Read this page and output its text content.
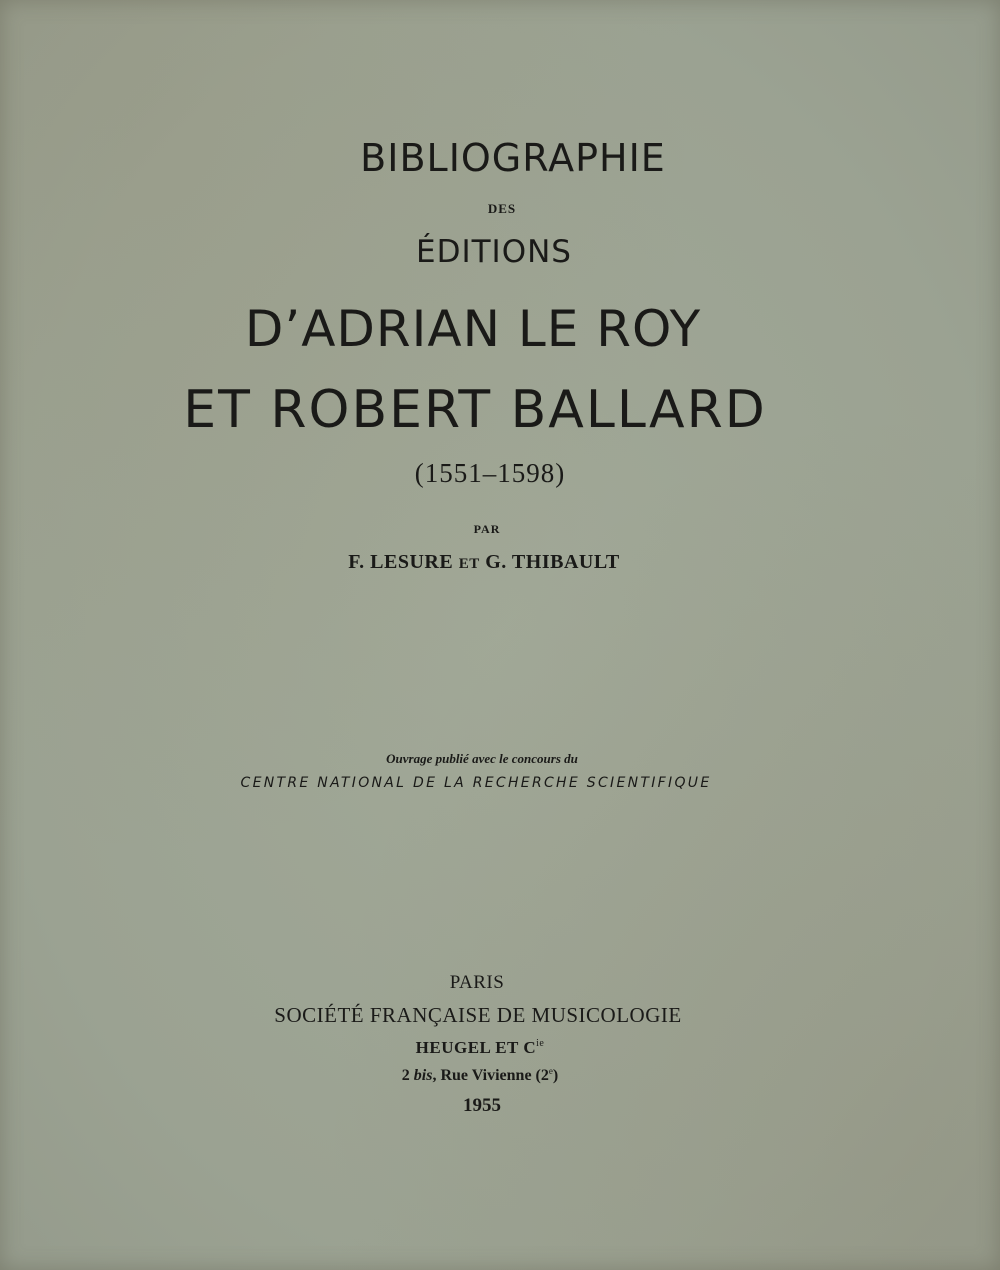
BIBLIOGRAPHIE
DES
ÉDITIONS
D’ADRIAN LE ROY
ET ROBERT BALLARD
(1551–1598)
PAR
F. LESURE ET G. THIBAULT
Ouvrage publié avec le concours du
CENTRE NATIONAL DE LA RECHERCHE SCIENTIFIQUE
PARIS
SOCIÉTÉ FRANÇAISE DE MUSICOLOGIE
HEUGEL ET $C^{ie}$
2 bis, Rue Vivienne (2e)
1955
